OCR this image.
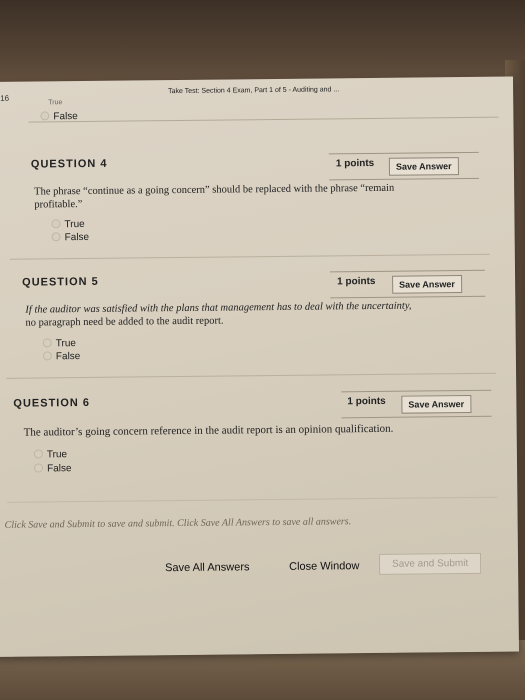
16
Take Test: Section 4 Exam, Part 1 of 5 - Auditing and ...
True
False
QUESTION 4	1 points	Save Answer
The phrase “continue as a going concern” should be replaced with the phrase “remain
profitable.”
True
False
QUESTION 5	1 points	Save Answer
If the auditor was satisfied with the plans that management has to deal with the uncertainty,
no paragraph need be added to the audit report.
True
False
QUESTION 6	1 points	Save Answer
The auditor’s going concern reference in the audit report is an opinion qualification.
True
False
Click Save and Submit to save and submit. Click Save All Answers to save all answers.
Save All Answers	Close Window	Save and Submit
